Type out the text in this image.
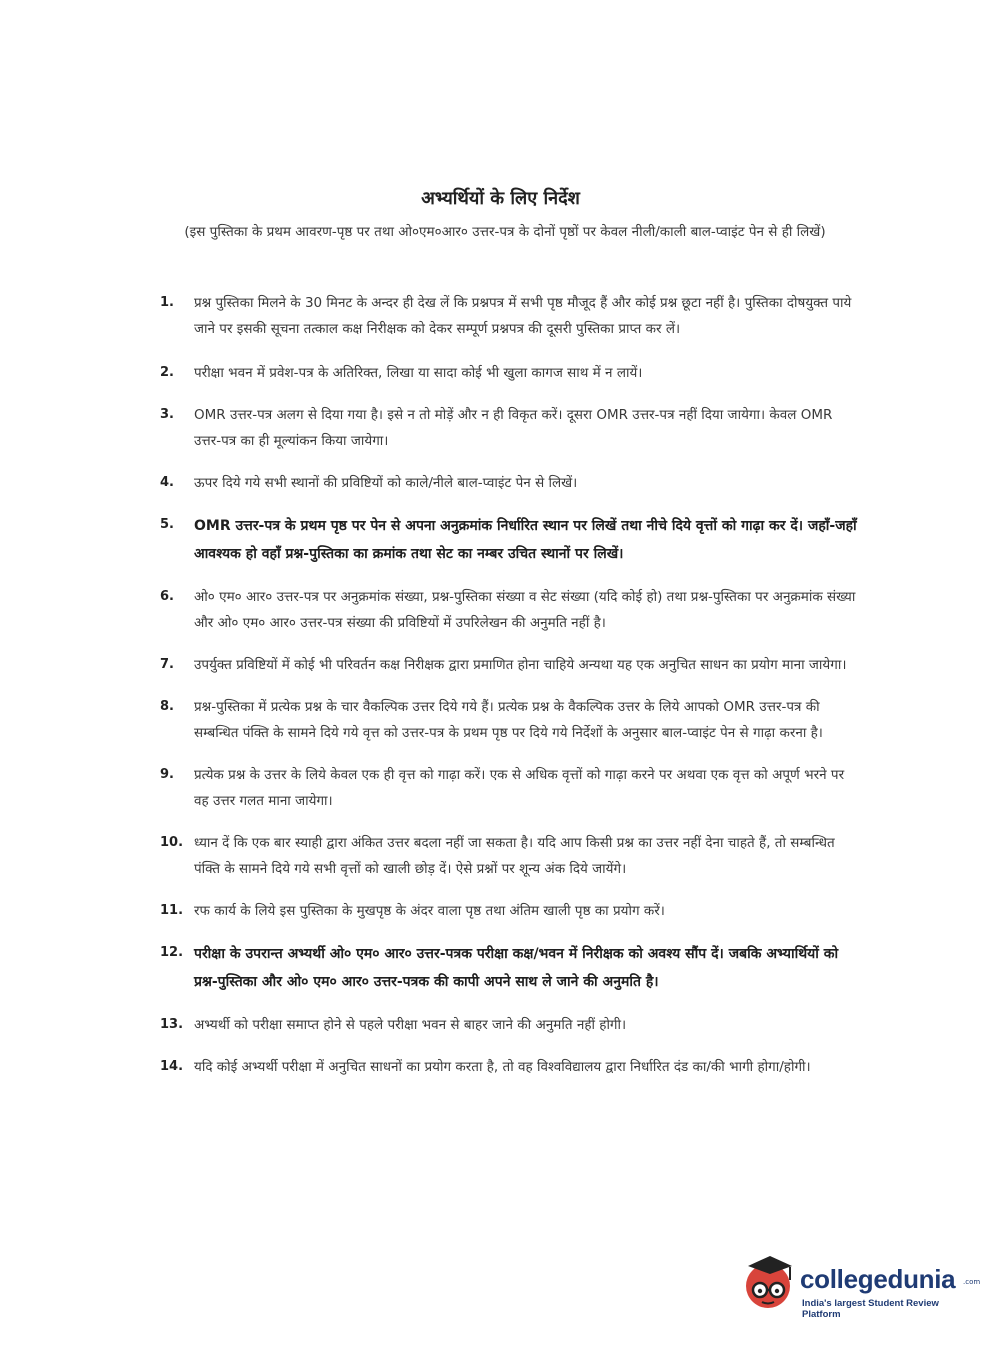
अभ्यर्थियों के लिए निर्देश
(इस पुस्तिका के प्रथम आवरण-पृष्ठ पर तथा ओ०एम०आर० उत्तर-पत्र के दोनों पृष्ठों पर केवल नीली/काली बाल-प्वाइंट पेन से ही लिखें)
1. प्रश्न पुस्तिका मिलने के 30 मिनट के अन्दर ही देख लें कि प्रश्नपत्र में सभी पृष्ठ मौजूद हैं और कोई प्रश्न छूटा नहीं है। पुस्तिका दोषयुक्त पाये जाने पर इसकी सूचना तत्काल कक्ष निरीक्षक को देकर सम्पूर्ण प्रश्नपत्र की दूसरी पुस्तिका प्राप्त कर लें।
2. परीक्षा भवन में प्रवेश-पत्र के अतिरिक्त, लिखा या सादा कोई भी खुला कागज साथ में न लायें।
3. OMR उत्तर-पत्र अलग से दिया गया है। इसे न तो मोड़ें और न ही विकृत करें। दूसरा OMR उत्तर-पत्र नहीं दिया जायेगा। केवल OMR उत्तर-पत्र का ही मूल्यांकन किया जायेगा।
4. ऊपर दिये गये सभी स्थानों की प्रविष्टियों को काले/नीले बाल-प्वाइंट पेन से लिखें।
5. OMR उत्तर-पत्र के प्रथम पृष्ठ पर पेन से अपना अनुक्रमांक निर्धारित स्थान पर लिखें तथा नीचे दिये वृत्तों को गाढ़ा कर दें। जहाँ-जहाँ आवश्यक हो वहाँ प्रश्न-पुस्तिका का क्रमांक तथा सेट का नम्बर उचित स्थानों पर लिखें।
6. ओ० एम० आर० उत्तर-पत्र पर अनुक्रमांक संख्या, प्रश्न-पुस्तिका संख्या व सेट संख्या (यदि कोई हो) तथा प्रश्न-पुस्तिका पर अनुक्रमांक संख्या और ओ० एम० आर० उत्तर-पत्र संख्या की प्रविष्टियों में उपरिलेखन की अनुमति नहीं है।
7. उपर्युक्त प्रविष्टियों में कोई भी परिवर्तन कक्ष निरीक्षक द्वारा प्रमाणित होना चाहिये अन्यथा यह एक अनुचित साधन का प्रयोग माना जायेगा।
8. प्रश्न-पुस्तिका में प्रत्येक प्रश्न के चार वैकल्पिक उत्तर दिये गये हैं। प्रत्येक प्रश्न के वैकल्पिक उत्तर के लिये आपको OMR उत्तर-पत्र की सम्बन्धित पंक्ति के सामने दिये गये वृत्त को उत्तर-पत्र के प्रथम पृष्ठ पर दिये गये निर्देशों के अनुसार बाल-प्वाइंट पेन से गाढ़ा करना है।
9. प्रत्येक प्रश्न के उत्तर के लिये केवल एक ही वृत्त को गाढ़ा करें। एक से अधिक वृत्तों को गाढ़ा करने पर अथवा एक वृत्त को अपूर्ण भरने पर वह उत्तर गलत माना जायेगा।
10. ध्यान दें कि एक बार स्याही द्वारा अंकित उत्तर बदला नहीं जा सकता है। यदि आप किसी प्रश्न का उत्तर नहीं देना चाहते हैं, तो सम्बन्धित पंक्ति के सामने दिये गये सभी वृत्तों को खाली छोड़ दें। ऐसे प्रश्नों पर शून्य अंक दिये जायेंगे।
11. रफ कार्य के लिये इस पुस्तिका के मुखपृष्ठ के अंदर वाला पृष्ठ तथा अंतिम खाली पृष्ठ का प्रयोग करें।
12. परीक्षा के उपरान्त अभ्यर्थी ओ० एम० आर० उत्तर-पत्रक परीक्षा कक्ष/भवन में निरीक्षक को अवश्य सौंप दें। जबकि अभ्यार्थियों को प्रश्न-पुस्तिका और ओ० एम० आर० उत्तर-पत्रक की कापी अपने साथ ले जाने की अनुमति है।
13. अभ्यर्थी को परीक्षा समाप्त होने से पहले परीक्षा भवन से बाहर जाने की अनुमति नहीं होगी।
14. यदि कोई अभ्यर्थी परीक्षा में अनुचित साधनों का प्रयोग करता है, तो वह विश्वविद्यालय द्वारा निर्धारित दंड का/की भागी होगा/होगी।
collegedunia .com
India's largest Student Review Platform
